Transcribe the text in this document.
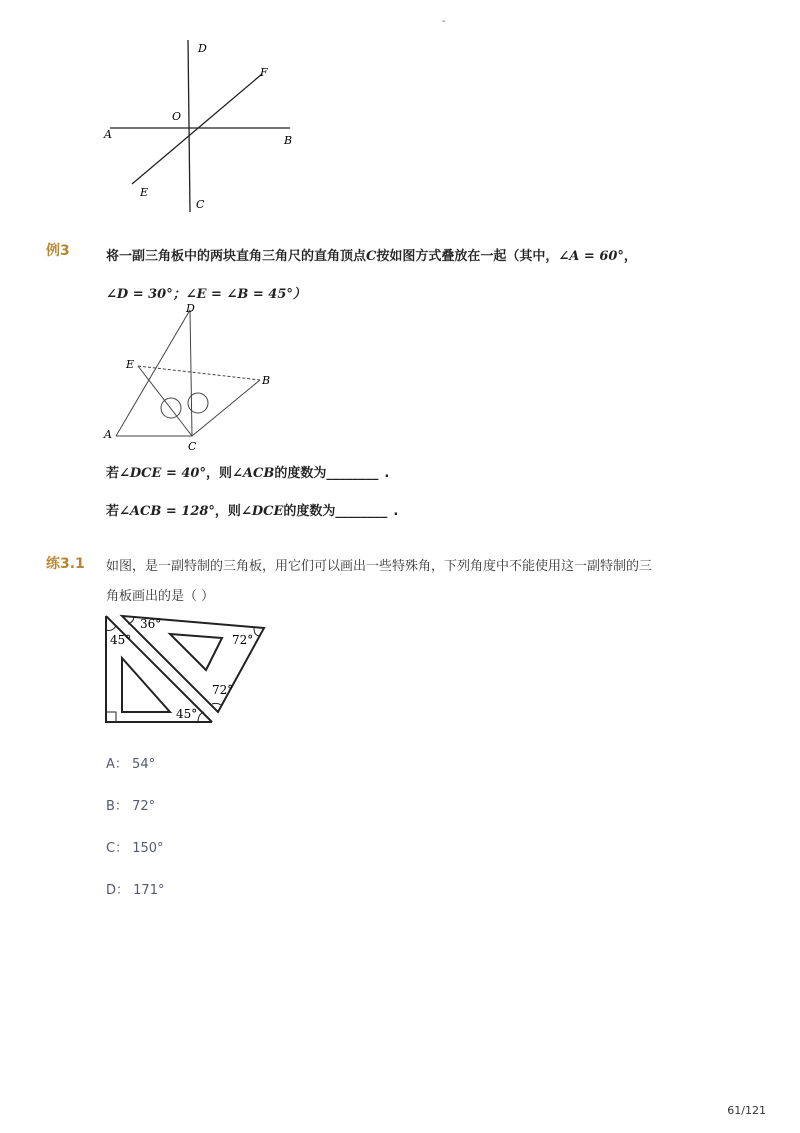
-
D
F
O
A	B
E
C
例3	将一副三角板中的两块直角三角尺的直角顶点C按如图方式叠放在一起（其中，∠A = 60°，
∠D = 30°；∠E = ∠B = 45°）
D
E
B
A
C
若∠DCE = 40°，则∠ACB的度数为________ .
若∠ACB = 128°，则∠DCE的度数为________ .
练3.1 如图，是一副特制的三角板，用它们可以画出一些特殊角，下列角度中不能使用这一副特制的三
角板画出的是（ ）
45°
36°
72°
72°
45°
A： 54°
B： 72°
C： 150°
D： 171°
61/121
